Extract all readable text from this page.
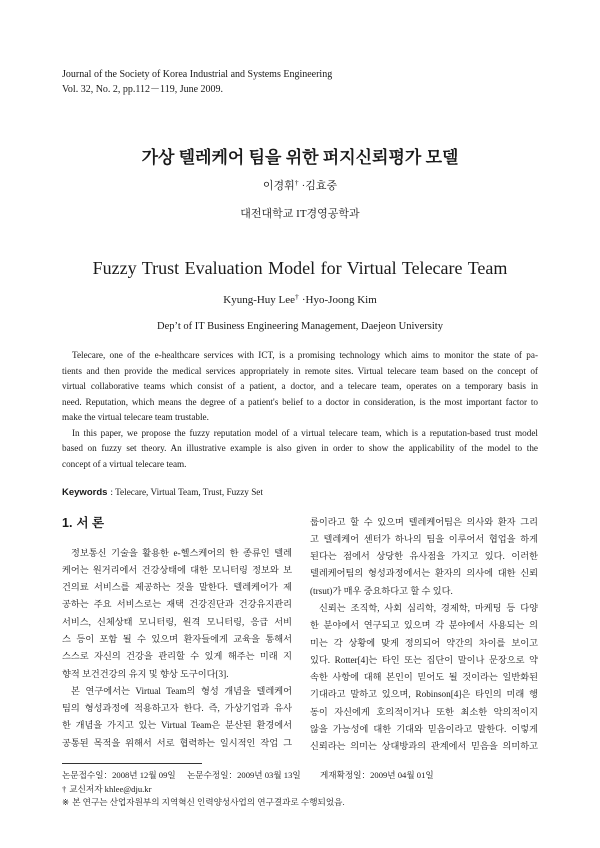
Journal of the Society of Korea Industrial and Systems Engineering
Vol. 32, No. 2, pp.112－119, June 2009.
가상 텔레케어 팀을 위한 퍼지신뢰평가 모델
이경휘† ·김효중
대전대학교 IT경영공학과
Fuzzy Trust Evaluation Model for Virtual Telecare Team
Kyung-Huy Lee† ·Hyo-Joong Kim
Dep’t of IT Business Engineering Management, Daejeon University
Telecare, one of the e-healthcare services with ICT, is a promising technology which aims to monitor the state of pa-
tients and then provide the medical services appropriately in remote sites. Virtual telecare team based on the concept of
virtual collaborative teams which consist of a patient, a doctor, and a telecare team, operates on a temporary basis in
need. Reputation, which means the degree of a patient's belief to a doctor in consideration, is the most important factor to
make the virtual telecare team trustable.
In this paper, we propose the fuzzy reputation model of a virtual telecare team, which is a reputation-based trust model
based on fuzzy set theory. An illustrative example is also given in order to show the applicability of the model to the
concept of a virtual telecare team.
Keywords : Telecare, Virtual Team, Trust, Fuzzy Set
1. 서 론
정보통신 기술을 활용한 e-헬스케어의 한 종류인 텔레
케어는 원거리에서 건강상태에 대한 모니터링 정보와 보
건의료 서비스를 제공하는 것을 말한다. 텔레케어가 제
공하는 주요 서비스로는 재택 건강진단과 건강유지관리
서비스, 신체상태 모니터링, 원격 모니터링, 응급 서비
스 등이 포함 될 수 있으며 환자들에게 교육을 통해서
스스로 자신의 건강을 관리할 수 있게 해주는 미래 지
향적 보건건강의 유지 및 향상 도구이다[3].
본 연구에서는 Virtual Team의 형성 개념을 텔레케어
팀의 형성과정에 적용하고자 한다. 즉, 가상기업과 유사
한 개념을 가지고 있는 Virtual Team은 분산된 환경에서
공통된 목적을 위해서 서로 협력하는 일시적인 작업 그
룹이라고 할 수 있으며 텔레케어팀은 의사와 환자 그리
고 텔레케어 센터가 하나의 팀을 이루어서 협업을 하게
된다는 점에서 상당한 유사점을 가지고 있다. 이러한
텔레케어팀의 형성과정에서는 환자의 의사에 대한 신뢰
(trsut)가 매우 중요하다고 할 수 있다.
신뢰는 조직학, 사회 심리학, 경제학, 마케팅 등 다양
한 분야에서 연구되고 있으며 각 분야에서 사용되는 의
미는 각 상황에 맞게 정의되어 약간의 차이를 보이고
있다. Rotter[4]는 타인 또는 집단이 말이나 문장으로 약
속한 사항에 대해 본인이 믿어도 될 것이라는 일반화된
기대라고 말하고 있으며, Robinson[4]은 타인의 미래 행
동이 자신에게 호의적이거나 또한 최소한 악의적이지
않을 가능성에 대한 기대와 믿음이라고 말한다. 이렇게
신뢰라는 의미는 상대방과의 관계에서 믿음을 의미하고
논문접수일：2008년 12월 09일 논문수정일：2009년 03월 13일 게재확정일：2009년 04월 01일
† 교신저자 khlee@dju.kr
※ 본 연구는 산업자원부의 지역혁신 인력양성사업의 연구결과로 수행되었음.
